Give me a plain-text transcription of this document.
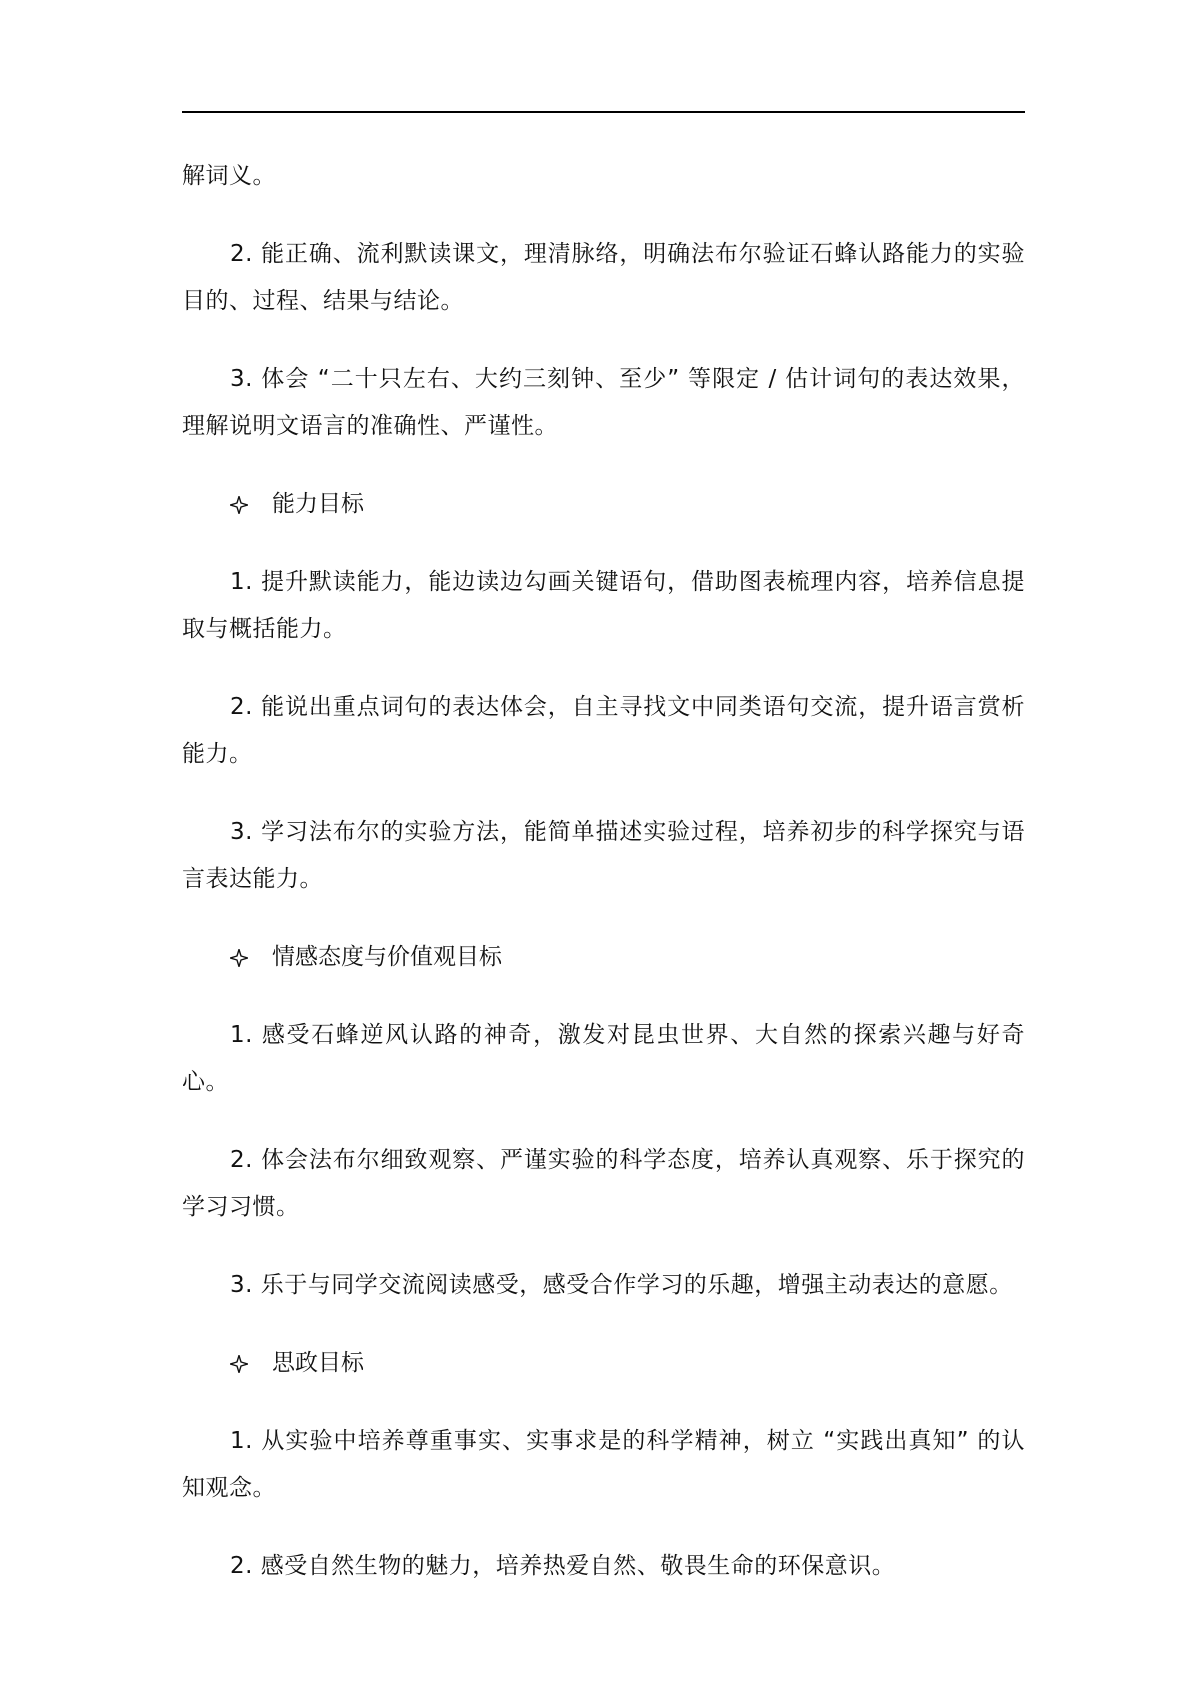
解词义。

2. 能正确、流利默读课文，理清脉络，明确法布尔验证石蜂认路能力的实验目的、过程、结果与结论。

3. 体会 “二十只左右、大约三刻钟、至少” 等限定 / 估计词句的表达效果，理解说明文语言的准确性、严谨性。

能力目标

1. 提升默读能力，能边读边勾画关键语句，借助图表梳理内容，培养信息提取与概括能力。

2. 能说出重点词句的表达体会，自主寻找文中同类语句交流，提升语言赏析能力。

3. 学习法布尔的实验方法，能简单描述实验过程，培养初步的科学探究与语言表达能力。

情感态度与价值观目标

1. 感受石蜂逆风认路的神奇，激发对昆虫世界、大自然的探索兴趣与好奇心。

2. 体会法布尔细致观察、严谨实验的科学态度，培养认真观察、乐于探究的学习习惯。

3. 乐于与同学交流阅读感受，感受合作学习的乐趣，增强主动表达的意愿。

思政目标

1. 从实验中培养尊重事实、实事求是的科学精神，树立 “实践出真知” 的认知观念。

2. 感受自然生物的魅力，培养热爱自然、敬畏生命的环保意识。
